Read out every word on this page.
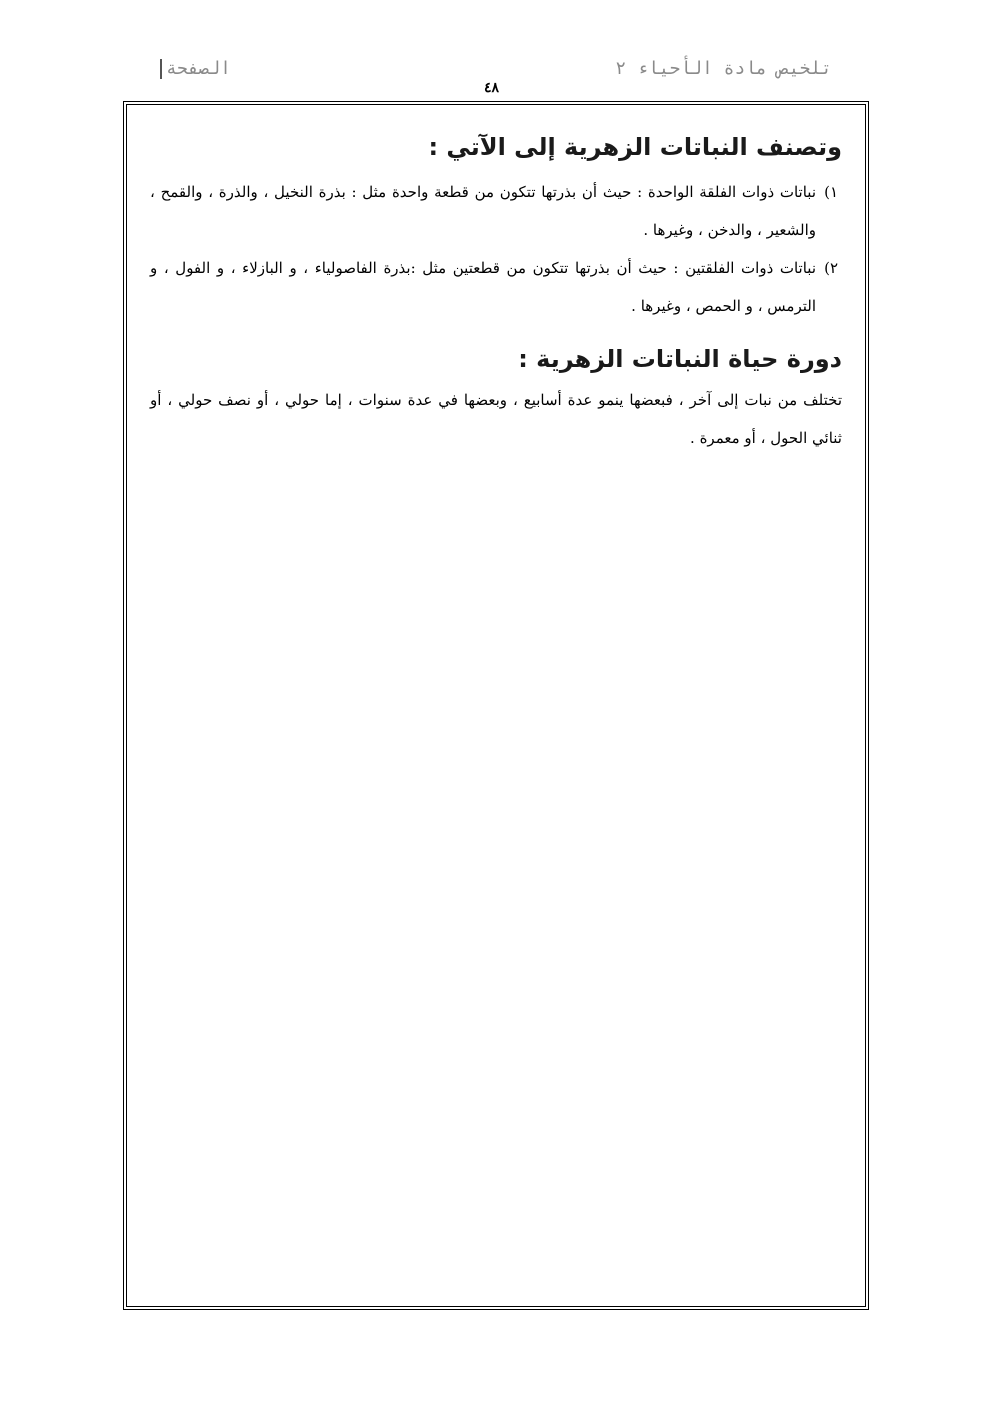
تلخيص مادة الأحياء ٢
الصفحة
٤٨
وتصنف النباتات الزهرية إلى الآتي :
١)
نباتات ذوات الفلقة الواحدة : حيث أن بذرتها تتكون من قطعة واحدة مثل : بذرة النخيل ، والذرة ، والقمح ، والشعير ، والدخن ، وغيرها .
٢)
نباتات ذوات الفلقتين : حيث أن بذرتها تتكون من قطعتين مثل :بذرة الفاصولياء ، و البازلاء ، و الفول ، و الترمس ، و الحمص ، وغيرها .
دورة حياة النباتات الزهرية :

تختلف من نبات إلى آخر ، فبعضها ينمو عدة أسابيع ، وبعضها في عدة سنوات ، إما حولي ، أو نصف حولي ، أو ثنائي الحول ، أو معمرة .
